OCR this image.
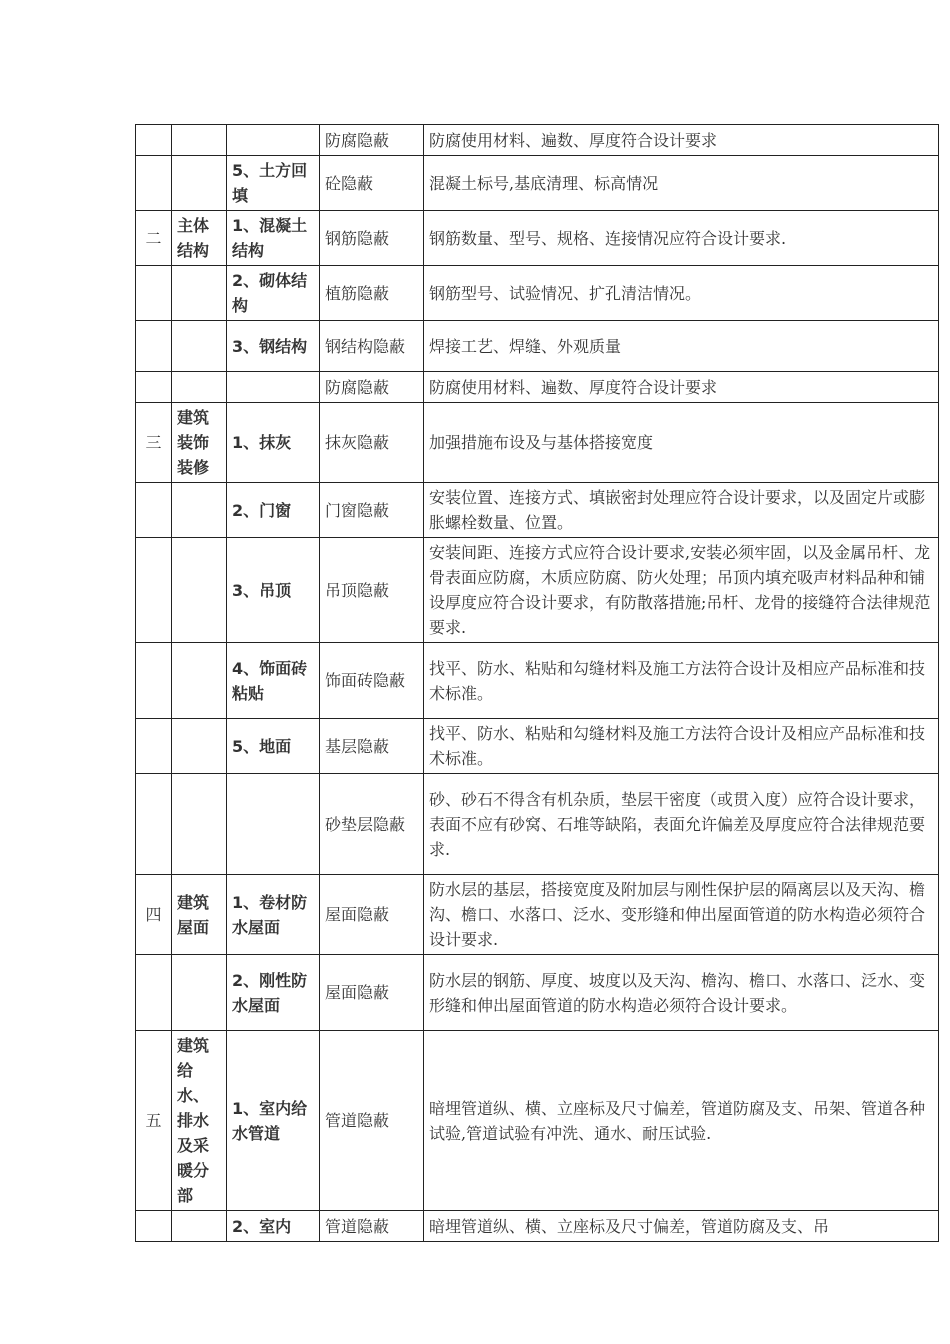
			防腐隐蔽	防腐使用材料、遍数、厚度符合设计要求
		5、土方回填	砼隐蔽	混凝土标号,基底清理、标高情况
二	主体结构	1、混凝土结构	钢筋隐蔽	钢筋数量、型号、规格、连接情况应符合设计要求.
		2、砌体结构	植筋隐蔽	钢筋型号、试验情况、扩孔清洁情况。
		3、钢结构	钢结构隐蔽	焊接工艺、焊缝、外观质量
			防腐隐蔽	防腐使用材料、遍数、厚度符合设计要求
三	建筑装饰装修	1、抹灰	抹灰隐蔽	加强措施布设及与基体搭接宽度
		2、门窗	门窗隐蔽	安装位置、连接方式、填嵌密封处理应符合设计要求，以及固定片或膨胀螺栓数量、位置。
		3、吊顶	吊顶隐蔽	安装间距、连接方式应符合设计要求,安装必须牢固，以及金属吊杆、龙骨表面应防腐，木质应防腐、防火处理；吊顶内填充吸声材料品种和铺设厚度应符合设计要求，有防散落措施;吊杆、龙骨的接缝符合法律规范要求.
		4、饰面砖粘贴	饰面砖隐蔽	找平、防水、粘贴和勾缝材料及施工方法符合设计及相应产品标准和技术标准。
		5、地面	基层隐蔽	找平、防水、粘贴和勾缝材料及施工方法符合设计及相应产品标准和技术标准。
			砂垫层隐蔽	砂、砂石不得含有机杂质，垫层干密度（或贯入度）应符合设计要求，表面不应有砂窝、石堆等缺陷，表面允许偏差及厚度应符合法律规范要求.
四	建筑屋面	1、卷材防水屋面	屋面隐蔽	防水层的基层，搭接宽度及附加层与刚性保护层的隔离层以及天沟、檐沟、檐口、水落口、泛水、变形缝和伸出屋面管道的防水构造必须符合设计要求.
		2、刚性防水屋面	屋面隐蔽	防水层的钢筋、厚度、坡度以及天沟、檐沟、檐口、水落口、泛水、变形缝和伸出屋面管道的防水构造必须符合设计要求。
五	建筑给水、排水及采暖分部	1、室内给水管道	管道隐蔽	暗埋管道纵、横、立座标及尺寸偏差，管道防腐及支、吊架、管道各种试验,管道试验有冲洗、通水、耐压试验.
		2、室内	管道隐蔽	暗埋管道纵、横、立座标及尺寸偏差，管道防腐及支、吊
